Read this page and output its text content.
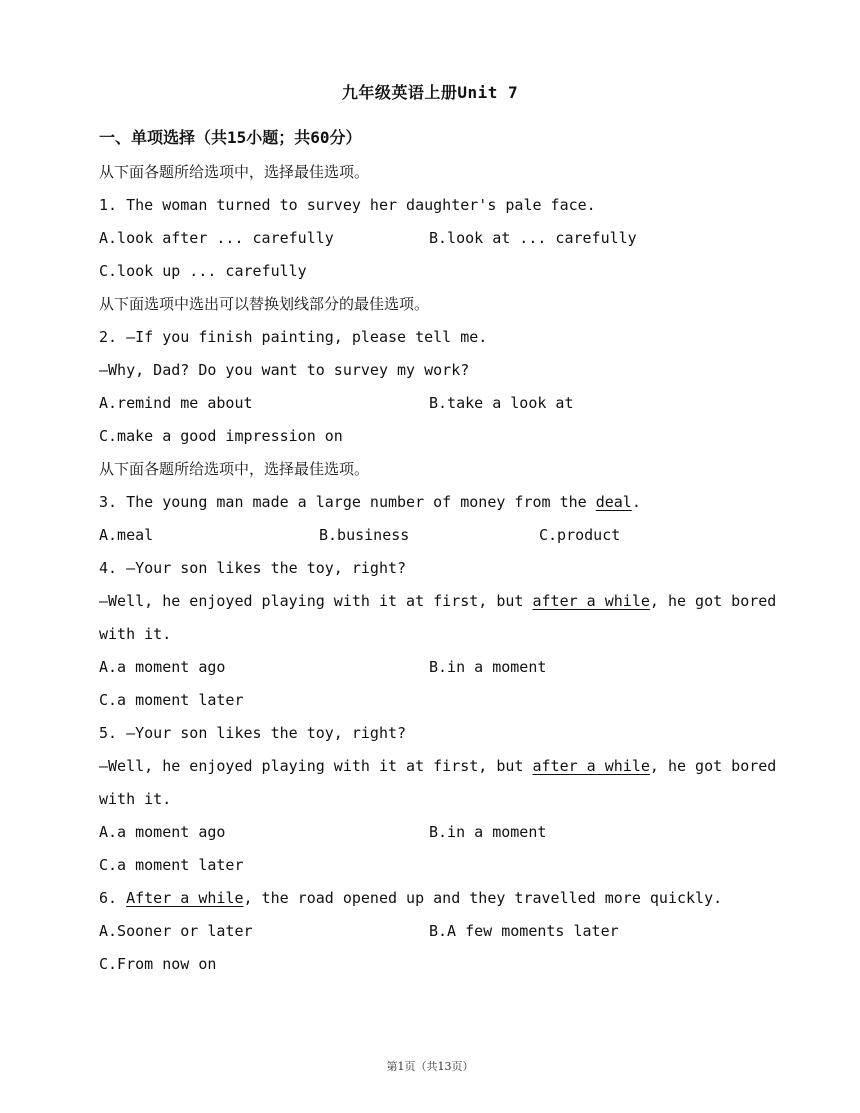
九年级英语上册Unit 7
一、单项选择（共15小题；共60分）
从下面各题所给选项中，选择最佳选项。
1. The woman turned to survey her daughter's pale face.
A.look after ... carefully	B.look at ... carefully
C.look up ... carefully
从下面选项中选出可以替换划线部分的最佳选项。
2. —If you finish painting, please tell me.
—Why, Dad? Do you want to survey my work?
A.remind me about	B.take a look at
C.make a good impression on
从下面各题所给选项中，选择最佳选项。
3. The young man made a large number of money from the deal.
A.meal	B.business	C.product
4. —Your son likes the toy, right?
—Well, he enjoyed playing with it at first, but after a while, he got bored
with it.
A.a moment ago	B.in a moment
C.a moment later
5. —Your son likes the toy, right?
—Well, he enjoyed playing with it at first, but after a while, he got bored
with it.
A.a moment ago	B.in a moment
C.a moment later
6. After a while, the road opened up and they travelled more quickly.
A.Sooner or later	B.A few moments later
C.From now on
第1页（共13页）
